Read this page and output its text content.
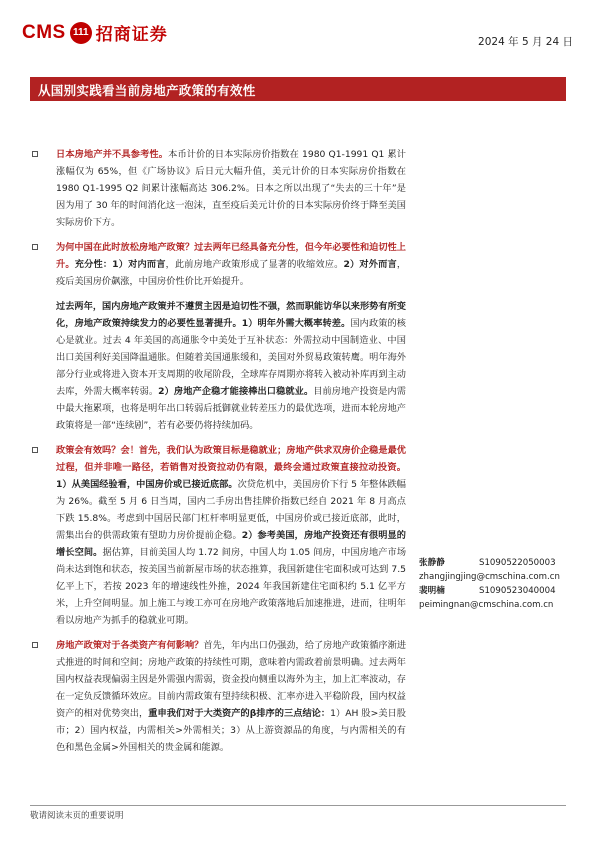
CMS 111 招商证券	2024 年 5 月 24 日
从国别实践看当前房地产政策的有效性
日本房地产并不具参考性。本币计价的日本实际房价指数在 1980 Q1-1991 Q1 累计涨幅仅为 65%，但《广场协议》后日元大幅升值，美元计价的日本实际房价指数在 1980 Q1-1995 Q2 间累计涨幅高达 306.2%。日本之所以出现了“失去的三十年”是因为用了 30 年的时间消化这一泡沫，直至疫后美元计价的日本实际房价终于降至美国实际房价下方。
为何中国在此时放松房地产政策？过去两年已经具备充分性，但今年必要性和迫切性上升。充分性：1）对内而言，此前房地产政策形成了显著的收缩效应。2）对外而言，疫后美国房价飙涨，中国房价性价比开始提升。
过去两年，国内房地产政策并不遵贯主因是迫切性不强，然而职能访华以来形势有所变化，房地产政策持续发力的必要性显著提升。1）明年外需大概率转差。国内政策的核心是就业。过去 4 年美国的高通胀令中美处于互补状态：外需拉动中国制造业、中国出口美国利好美国降温通胀。但随着美国通胀缓和，美国对外贸易政策转鹰。明年海外部分行业或将进入资本开支周期的收尾阶段，全球库存周期亦将转入被动补库再到主动去库，外需大概率转弱。2）房地产企稳才能接棒出口稳就业。目前房地产投资是内需中最大拖累项，也将是明年出口转弱后抵御就业转差压力的最优选项，进而本轮房地产政策将是一部“连续剧”，若有必要仍将持续加码。
政策会有效吗？会！首先，我们认为政策目标是稳就业；房地产供求双房价企稳是最优过程，但并非唯一路径，若销售对投资拉动仍有限，最终会通过政策直接拉动投资。1）从美国经验看，中国房价或已接近底部。次贷危机中，美国房价下行 5 年整体跌幅为 26%。截至 5 月 6 日当周，国内二手房出售挂牌价指数已经自 2021 年 8 月高点下跌 15.8%。考虑到中国居民部门杠杆率明显更低，中国房价或已接近底部，此时，需集出台的供需政策有望助力房价提前企稳。2）参考美国，房地产投资还有很明显的增长空间。据估算，目前美国人均 1.72 间房，中国人均 1.05 间房，中国房地产市场尚未达到饱和状态，按美国当前新屋市场的状态推算，我国新建住宅面积或可达到 7.5 亿平上下，若按 2023 年的增速线性外推，2024 年我国新建住宅面积约 5.1 亿平方米，上升空间明显。加上施工与竣工亦可在房地产政策落地后加速推进，进而，往明年看以房地产为抓手的稳就业可期。
房地产政策对于各类资产有何影响？首先，年内出口仍强劲，给了房地产政策循序渐进式推进的时间和空间；房地产政策的持续性可期，意味着内需政着前景明确。过去两年国内权益表现偏弱主因是外需强内需弱，资金投向侧重以海外为主，加上汇率波动，存在一定负反馈循环效应。目前内需政策有望持续积极、汇率亦进入平稳阶段，国内权益资产的相对优势突出，重申我们对于大类资产的β排序的三点结论：1）AH 股>美日股市；2）国内权益，内需相关>外需相关；3）从上游资源品的角度，与内需相关的有色和黑色金属>外国相关的贵金属和能源。
张静静	S1090522050003
zhangjingjing@cmschina.com.cn
裴明楠	S1090523040004
peimingnan@cmschina.com.cn
敬请阅读末页的重要说明
